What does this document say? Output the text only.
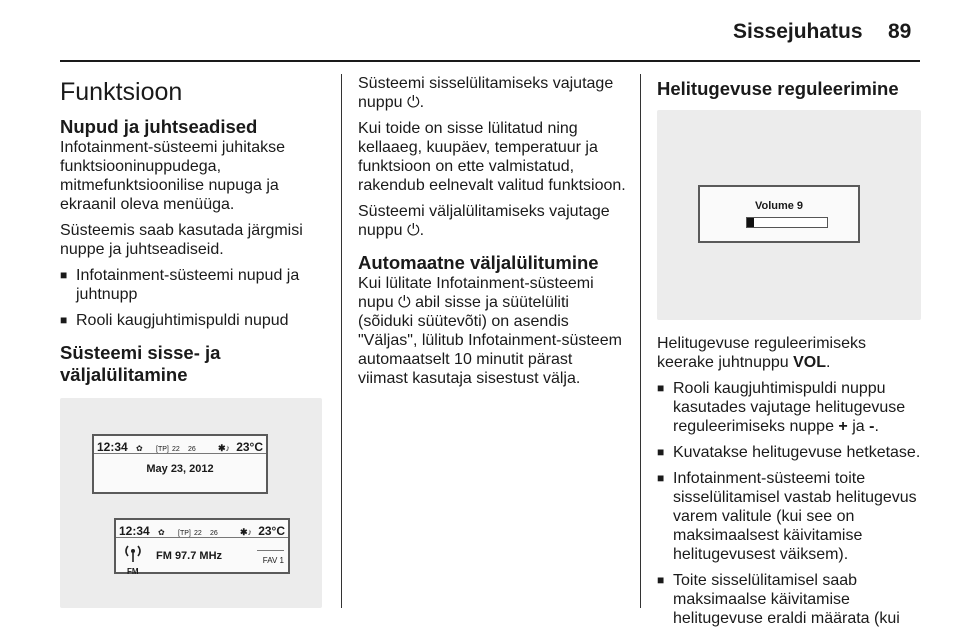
Sissejuhatus 89
Funktsioon
Nupud ja juhtseadised

Infotainment-süsteemi juhitakse funktsiooninuppudega, mitmefunktsioonilise nupuga ja ekraanil oleva menüüga.

Süsteemis saab kasutada järgmisi nuppe ja juhtseadiseid.

■ Infotainment-süsteemi nupud ja juhtnupp
■ Rooli kaugjuhtimispuldi nupud
Süsteemi sisse- ja väljalülitamine
12:34 ✿ [TP] 22 26 ✱♪ 23°C
May 23, 2012
12:34 ✿ [TP] 22 26 ✱♪ 23°C
FM
FM 97.7 MHz	FAV 1

Süsteemi sisselülitamiseks vajutage nuppu ⏻.

Kui toide on sisse lülitatud ning kellaaeg, kuupäev, temperatuur ja funktsioon on ette valmistatud, rakendub eelnevalt valitud funktsioon.

Süsteemi väljalülitamiseks vajutage nuppu ⏻.

Automaatne väljalülitumine

Kui lülitate Infotainment-süsteemi nupu ⏻ abil sisse ja süütelüliti (sõiduki süütevõti) on asendis "Väljas", lülitub Infotainment-süsteem automaatselt 10 minutit pärast viimast kasutaja sisestust välja.

Helitugevuse reguleerimine
Volume 9

Helitugevuse reguleerimiseks keerake juhtnuppu VOL.

■ Rooli kaugjuhtimispuldi nuppu kasutades vajutage helitugevuse reguleerimiseks nuppe + ja -.
■ Kuvatakse helitugevuse hetketase.
■ Infotainment-süsteemi toite sisselülitamisel vastab helitugevus varem valitule (kui see on maksimaalsest käivitamise helitugevusest väiksem).
■ Toite sisselülitamisel saab maksimaalse käivitamise helitugevuse eraldi määrata (kui
